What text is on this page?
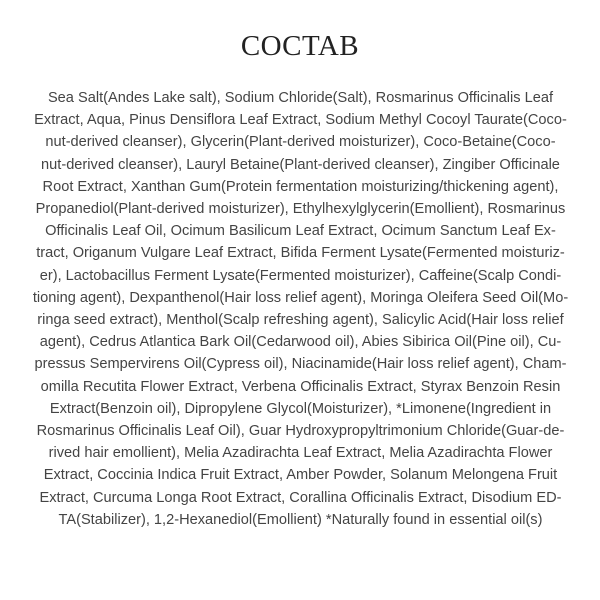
COCTAB

Sea Salt(Andes Lake salt), Sodium Chloride(Salt), Rosmarinus Officinalis Leaf
Extract, Aqua, Pinus Densiflora Leaf Extract, Sodium Methyl Cocoyl Taurate(Coco-
nut-derived cleanser), Glycerin(Plant-derived moisturizer), Coco-Betaine(Coco-
nut-derived cleanser), Lauryl Betaine(Plant-derived cleanser), Zingiber Officinale
Root Extract, Xanthan Gum(Protein fermentation moisturizing/thickening agent),
Propanediol(Plant-derived moisturizer), Ethylhexylglycerin(Emollient), Rosmarinus
Officinalis Leaf Oil, Ocimum Basilicum Leaf Extract, Ocimum Sanctum Leaf Ex-
tract, Origanum Vulgare Leaf Extract, Bifida Ferment Lysate(Fermented moisturiz-
er), Lactobacillus Ferment Lysate(Fermented moisturizer), Caffeine(Scalp Condi-
tioning agent), Dexpanthenol(Hair loss relief agent), Moringa Oleifera Seed Oil(Mo-
ringa seed extract), Menthol(Scalp refreshing agent), Salicylic Acid(Hair loss relief
agent), Cedrus Atlantica Bark Oil(Cedarwood oil), Abies Sibirica Oil(Pine oil), Cu-
pressus Sempervirens Oil(Cypress oil), Niacinamide(Hair loss relief agent), Cham-
omilla Recutita Flower Extract, Verbena Officinalis Extract, Styrax Benzoin Resin
Extract(Benzoin oil), Dipropylene Glycol(Moisturizer), *Limonene(Ingredient in
Rosmarinus Officinalis Leaf Oil), Guar Hydroxypropyltrimonium Chloride(Guar-de-
rived hair emollient), Melia Azadirachta Leaf Extract, Melia Azadirachta Flower
Extract, Coccinia Indica Fruit Extract, Amber Powder, Solanum Melongena Fruit
Extract, Curcuma Longa Root Extract, Corallina Officinalis Extract, Disodium ED-
TA(Stabilizer), 1,2-Hexanediol(Emollient) *Naturally found in essential oil(s)
